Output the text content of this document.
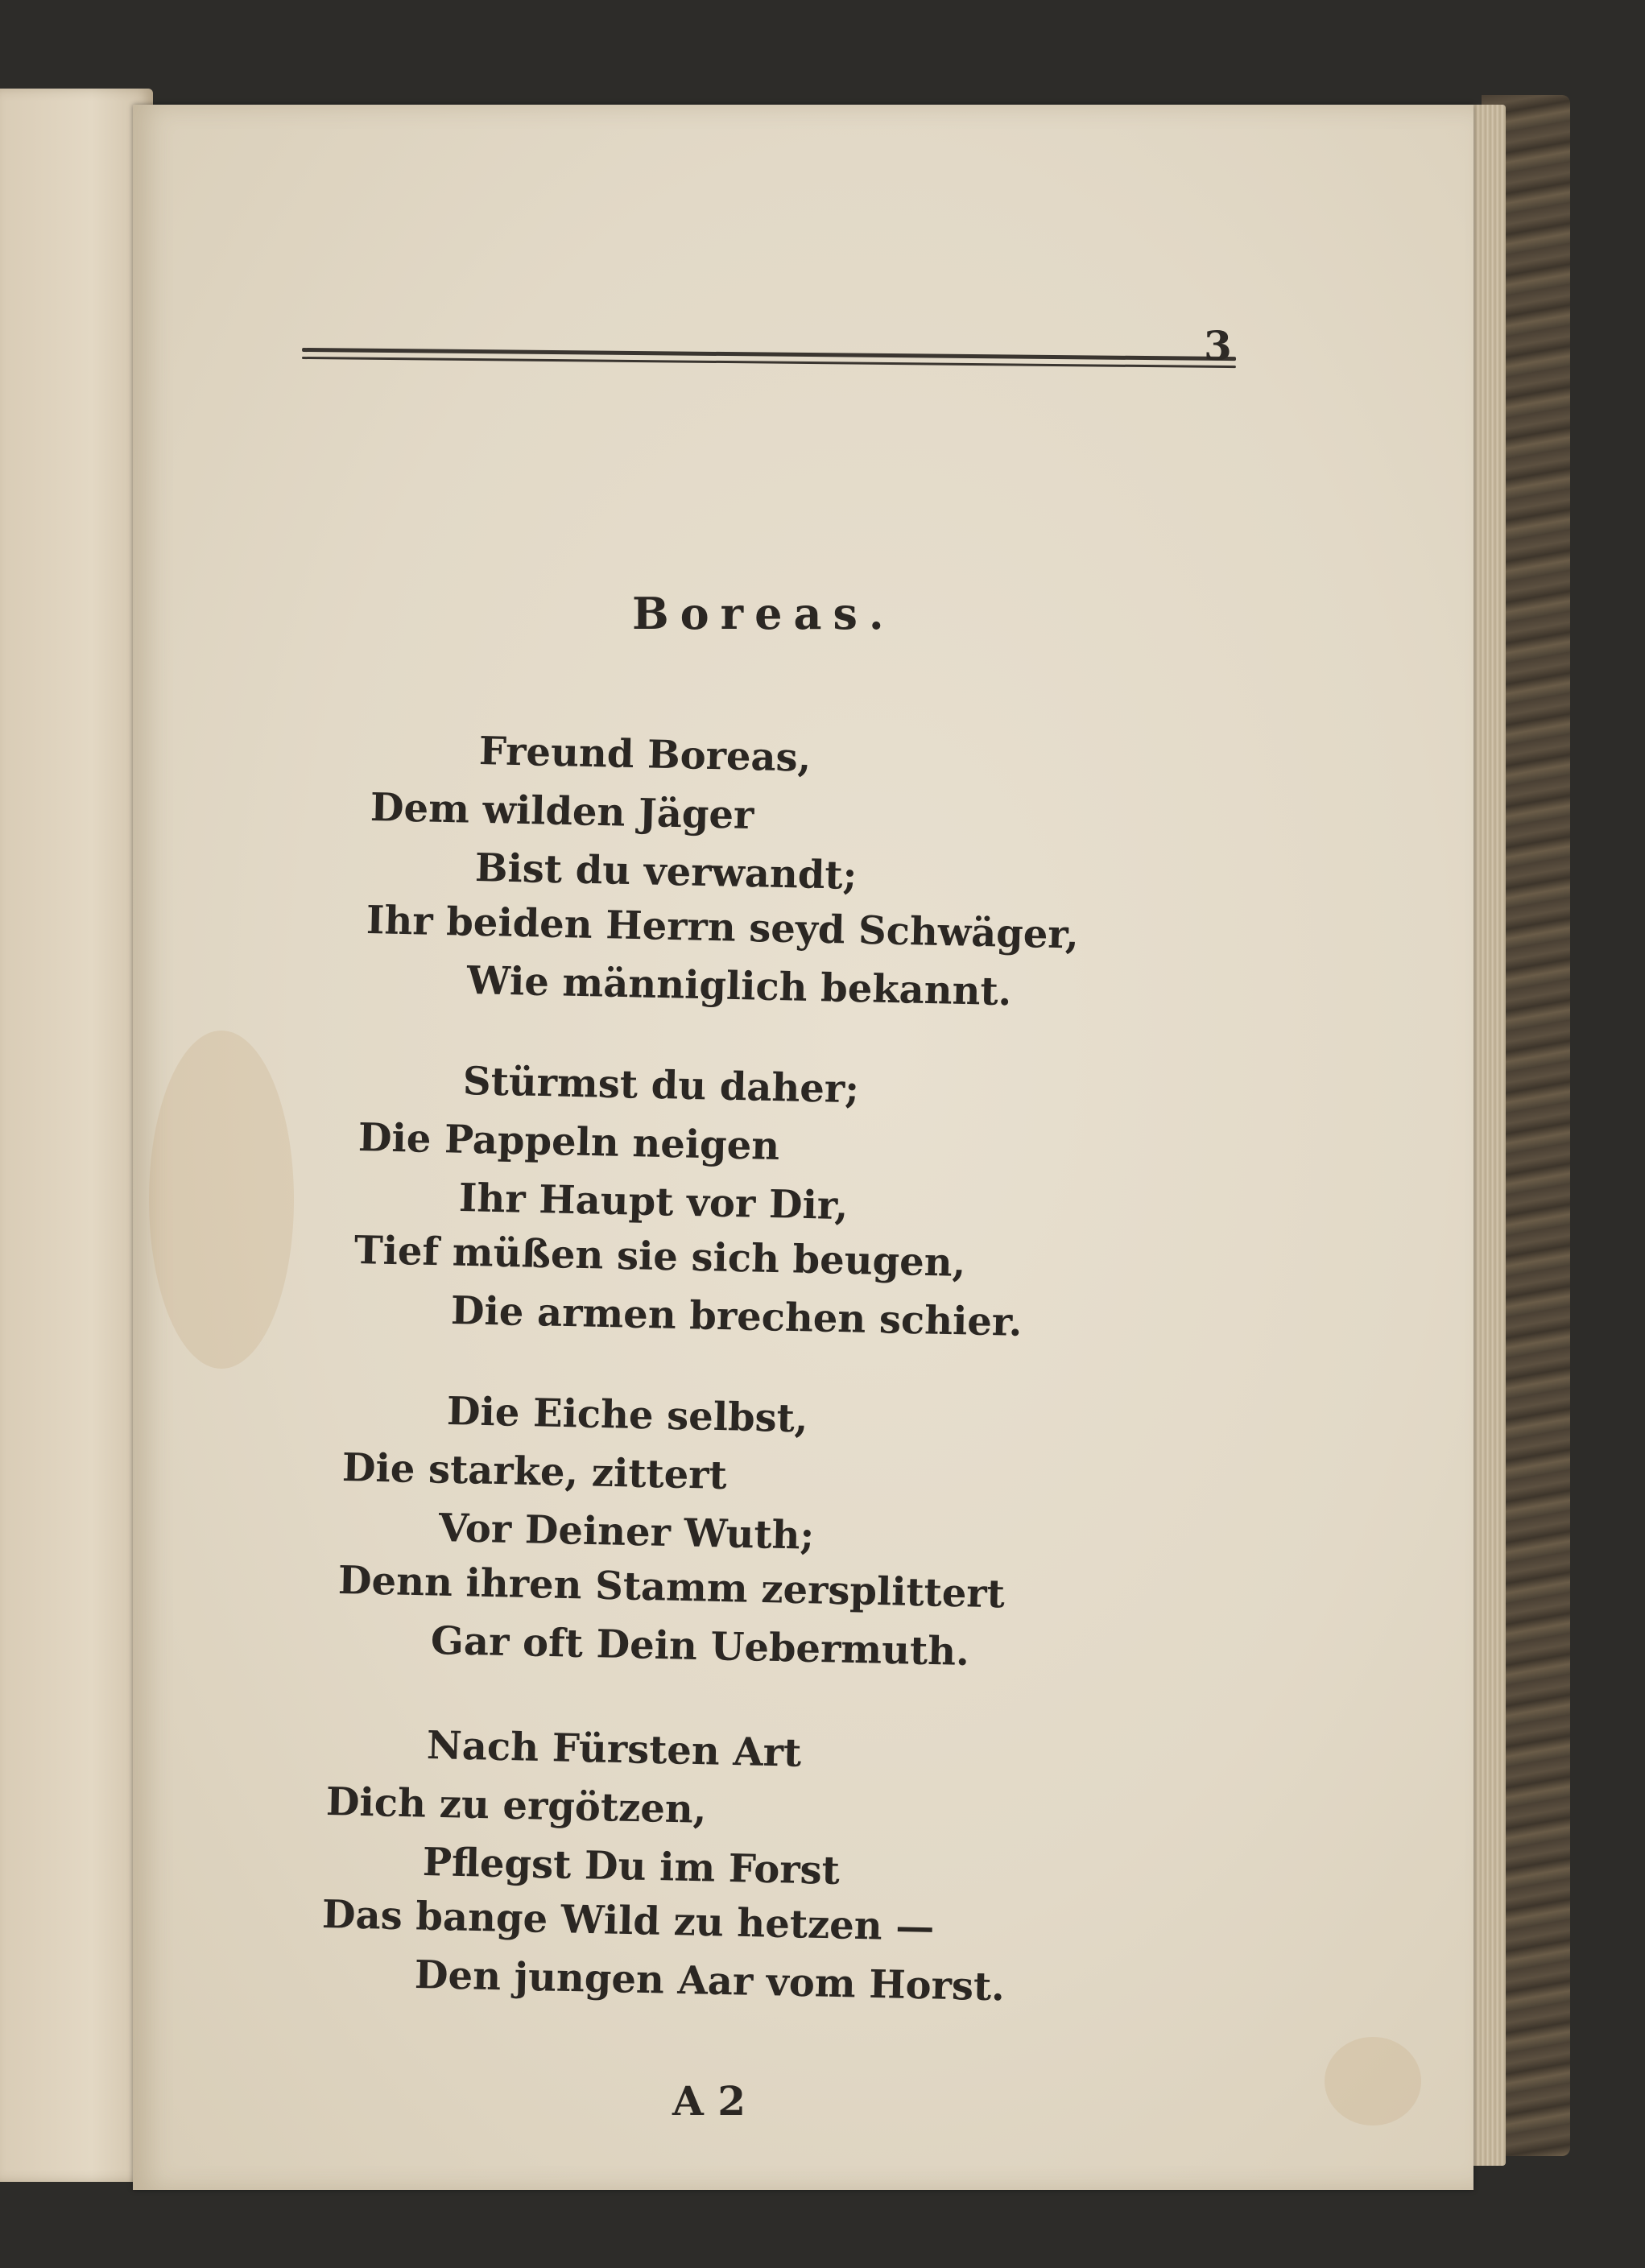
3
Boreas.
Freund Boreas,
Dem wilden Jäger
Bist du verwandt;
Ihr beiden Herrn seyd Schwäger,
Wie männiglich bekannt.
Stürmst du daher;
Die Pappeln neigen
Ihr Haupt vor Dir,
Tief müßen sie sich beugen,
Die armen brechen schier.
Die Eiche selbst,
Die starke, zittert
Vor Deiner Wuth;
Denn ihren Stamm zersplittert
Gar oft Dein Uebermuth.
Nach Fürsten Art
Dich zu ergötzen,
Pflegst Du im Forst
Das bange Wild zu hetzen —
Den jungen Aar vom Horst.
A 2
